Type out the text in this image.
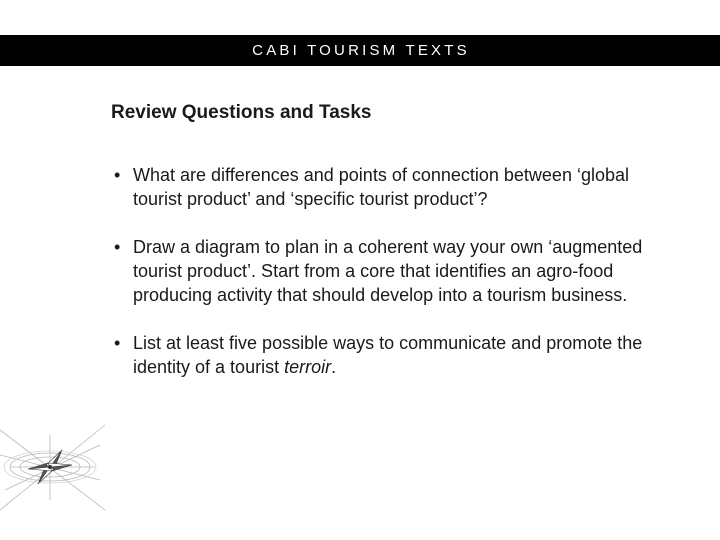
CABI TOURISM TEXTS
Review Questions and Tasks
• What are differences and points of connection between ‘global tourist product’ and ‘specific tourist product’?
• Draw a diagram to plan in a coherent way your own ‘augmented tourist product’. Start from a core that identifies an agro-food producing activity that should develop into a tourism business.
• List at least five possible ways to communicate and promote the identity of a tourist terroir.
